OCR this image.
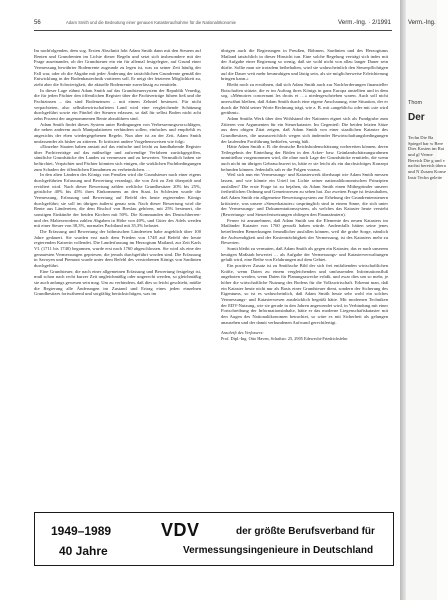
56	Adam Smith und die Bedeutung einer genauen Katasteraufnahme für die Nationalökonomie	Verm.-Ing. · 2/1991

Im nachfolgenden, dem sog. Ersten Abschnitt lobt Adam Smith dann mit den Steuern auf Renten und Grundrenten im Lichte dieser Regeln und setzt sich insbesondere mit der Frage auseinander, ob der Grundsteuer ein ein für allemal festgelegter, auf Grund einer Vermessung bewährter Bodenrente zugrunde zu legen ist, was zu seiner Zeit häufig der Fall war, oder ob die Abgabe mit jeder Änderung der tatsächlichen Grundrente gemäß der Entwicklung in der Bodenbautechnik variieren soll. Er neigt der letzteren Möglichkeit zu, zieht aber die Schwierigkeit, die aktuelle Bodenrente zuverlässig zu ermitteln.

In dieser Lage rühmt Adam Smith auf das Grundsteuersystem der Republik Venedig, die für jeden Pächter den öffentlichen Register über die Pachtverträge führen ließ und die Pachtzinsen – das sind Bodenzinsen – mit einem Zehntel besteuert. Für nicht verpachteten, also selbstbewirtschafteten Land wird eine vergleichende Schätzung durchgeführt sowie ein Fünftel der Steuern erlassen, so daß für selbst Boden nicht acht zehn Prozent der angenommenen Rente abzuführen sind.

Adam Smith findet dieses System unter Bedingungen von Verbesserungsvorschlägen, die neben anderem auch Manipulationen verhindern sollen, einfaches und empfiehlt es angesichts der eben wiedergegebenen Regeln. Nun aber ist an der Zeit, Adam Smith umfassender als bisher zu zitieren. Er kritisiert andere Vorgehensweisen wie folgt:

»Einzelne Staaten haben anstatt auf das einfache und leicht zu handhabende Register über Pachtverträge auf das mühselige und aufwendige Verfahren zurückgegriffen, sämtliche Grundstücke des Landes zu vermessen und zu bewerten. Vermutlich haben sie befürchtet, Verpächter und Pächter könnten sich einigen, die wirklichen Pachtbedingungen zum Schaden der öffentlichen Einnahmen zu verheimlichen. …

In den alten Ländern des Königs von Preußen wird die Grundsteuer nach einer eigens durchgeführten Erfassung und Bewertung veranlagt, die von Zeit zu Zeit überprüft und revidiert wird. Nach dieser Bewertung zahlen weltliche Grundbesitzer 20% bis 25%, geistliche 40% bis 45% ihres Einkommens an den Staat. In Schlesien wurde die Vermessung, Erfassung und Bewertung auf Befehl des heute regierenden Königs durchgeführt; sie soll im übrigen äußerst genau sein. Nach dieser Bewertung wird die Rente aus Ländereien, die dem Bischof von Breslau gehören, mit 25% besteuert, die sonstigen Einkünfte der beiden Kirchen mit 50%. Die Kommanden des Deutschherren- und des Malteserordens zahlen Abgaben in Höhe von 40%, und Güter des Adels werden mit einer Steuer von 38,3%, normales Pachtland mit 35,3% belastet.

Die Erfassung und Bewertung der böhmischen Ländereien habe angeblich über 100 Jahre gedauert. Sie wurden erst nach dem Frieden von 1748 auf Befehl der heute regierenden Kaiserin vollendet. Die Landerfassung im Herzogtum Mailand, zur Zeit Karls VI. (1711 bis 1740) begonnen, wurde erst nach 1760 abgeschlossen. Sie wird als eine der genauesten Vermessungen gepriesen, die jemals durchgeführt worden sind. Die Erfassung in Savoyen und Piemont wurde unter dem Befehl des verstorbenen Königs von Sardinien durchgeführt.

Eine Grundsteuer, die nach einer allgemeinen Erfassung und Bewertung festgelegt ist, muß schon nach recht kurzer Zeit ungleichmäßig oder ungerecht werden, so gleichmäßig sie auch anfangs gewesen sein mag. Um zu verhindern, daß dies so leicht geschieht, müßte die Regierung alle Änderungen im Zustand und Ertrag eines jeden einzelnen Grundbesitzes fortwährend und sorgfältig berücksichtigen, was im

übrigen auch die Regierungen in Preußen, Böhmen, Sardinien und des Herzogtums Mailand tatsächlich in dieser Hinsicht tun. Eine solche Regelung verträgt sich indes mit der Aufgabe einer Regierung so wenig, daß sie wohl nicht von allzu langer Dauer sein dürfte. Sollte man sie trotzdem beibehalten, wird sie wahrscheinlich den Steuerpflichtigen auf die Dauer weit mehr beunruhigen und lästig sein, als sie möglicherweise Erleichterung bringen kann.«

Bleibt noch zu erwähnen, daß sich Adam Smith auch zur Nachforderungen finanzieller Botschaften stützte, die er im Auftrag ihres Königs in ganz Europa anstellten und in dem sog. »Mémoires concernant les droits et …« niedergeschrieben waren. Auch soll nicht unerwähnt bleiben, daß Adam Smith durch eine eigene Anschauung, eine Situation, der er durch die Wahl seiner Worte Rechnung trägt, wie z. B. mit »angeblich« oder mit »sie wird gerühmt«.

Adam Smiths Werk über den Wohlstand der Nationen eignet sich als Fundgrube zum Zitieren von Argumenten für ein Steuerkataster. Im Gegenteil: Die beiden letzten Sätze aus dem obigen Zitat zeigen, daß Adam Smith von einer staatlichen Kataster des Grundbesitzes, die unausweichlich wegen sich ändernder Bewirtschaftungsbedingungen der laufenden Fortführung bedürfen, wenig hält.

Hätte Adam Smith z. B. die deutsche Reichsbodenschätzung vorbereiten können, deren Teilergebnis der Einteilung der Böden in den Acker- bzw. Grünlandschätzungsrahmen unmittelbar vorgenommen wird, die ohne nach Lage der Grundstücke ermitteln, die wenn auch nicht im übrigen Gebrauchswert in, hätte er sie leicht als ein durchsichtiges Konzept befunden können. Jedenfalls sah er die Folgen voraus.

Weil sich nun ein Vermessungs- und Katasterwerk überhaupt wie Adam Smith messen lassen, und wie könnte ein Urteil im Lichte seiner nationalökonomischen Prinzipien ausfallen? Die erste Frage ist zu bejahen, da Adam Smith einen Mitbegründer unserer freiheitlichen Ordnung und Gemeinwesen zu sehen hat. Zur zweiten Frage ist festzuhalten, daß Adam Smith ein allgemeine Bewertungssystem zur Erhebung der Grundrentensteuern kritisierte, was unsere »Steuerkataster« ursprünglich sind in einem Sinne, die sich unter der Vermessungs- und Dokumentationssystem, als welches das Kataster heute versteht (Bewertungs- und Steuerfestsetzungen obliegen den Finanzämtern).

Ferner ist anzunehmen, daß Adam Smith um die Elemente des neuen Katasters im Mailänder Kataster von 1760 gewußt haben würde. Andernfalls hätten seine jenes betreffenden Bemerkungen freundlicher ausfallen können, weil die grobe Sorge, nämlich die Aufwendigkeit und der Kostenträchtigkeit der Vermessung, ist des Katasters mehr zu Bewerten.

Somit bleibt zu vermuten, daß Adam Smith als gegen ein Kataster, das er nach unserem heutigen Maßstab bewertet … als Aufgabe der Vermessungs- und Katasterverwaltungen gefaßt wird, eine Reihe von Erfahrungen auf dem Gebiet.

Ein positiver Zusatz ist zu Smithsche Bild der sich frei entfaltenden wirtschaftlichen Kräfte, wenn Daten zu einem vergleichenden und umfassenden Informationsfluß angeboten werden, wenn Daten für Planungszwecke erfaßt, und zwar dies um so mehr, je höher die wirtschaftliche Nutzung des Bodens für die Volkswirtschaft. Erkennt man, daß ein Kataster heute nicht nur als Basis einer Grundsteuer dient, sondern der Sicherung des Eigentums, so ist es wahrscheinlich, daß Adam Smith heute sehr wohl ein solches Vermessungs- und Katasterwesen ausdrücklich begrüßt hätte. Mit modernen Techniken der EDV-Nutzung, wie sie gerade in den Jahren angewendet wird, in Verbindung mit einer Fortschreibung der Informationsinhalte, hätte er das moderne Liegenschaftskataster mit den Augen des Nationalökonomen betrachtet, so wäre es mit Sicherheit als gelungen anzusehen und der damit verbundenen Aufwand gerechtfertigt.

Anschrift des Verfassers:

Prof. Dipl.-Ing. Otto Haven, Schaftstr. 25, 2905 Edewecht-Friedrichsfehn

1949–1989
40 Jahre
VDV	der größte Berufsverband für
Vermessungsingenieure in Deutschland
Verm.-Ing.
Thom
Der
Techn Die Ba Spiegel bar w Bere Dies Kosten im Rai und gl Verme Bereich Die g und v nachst bereich übera und N Zusam Konse Instr Techn geleite
